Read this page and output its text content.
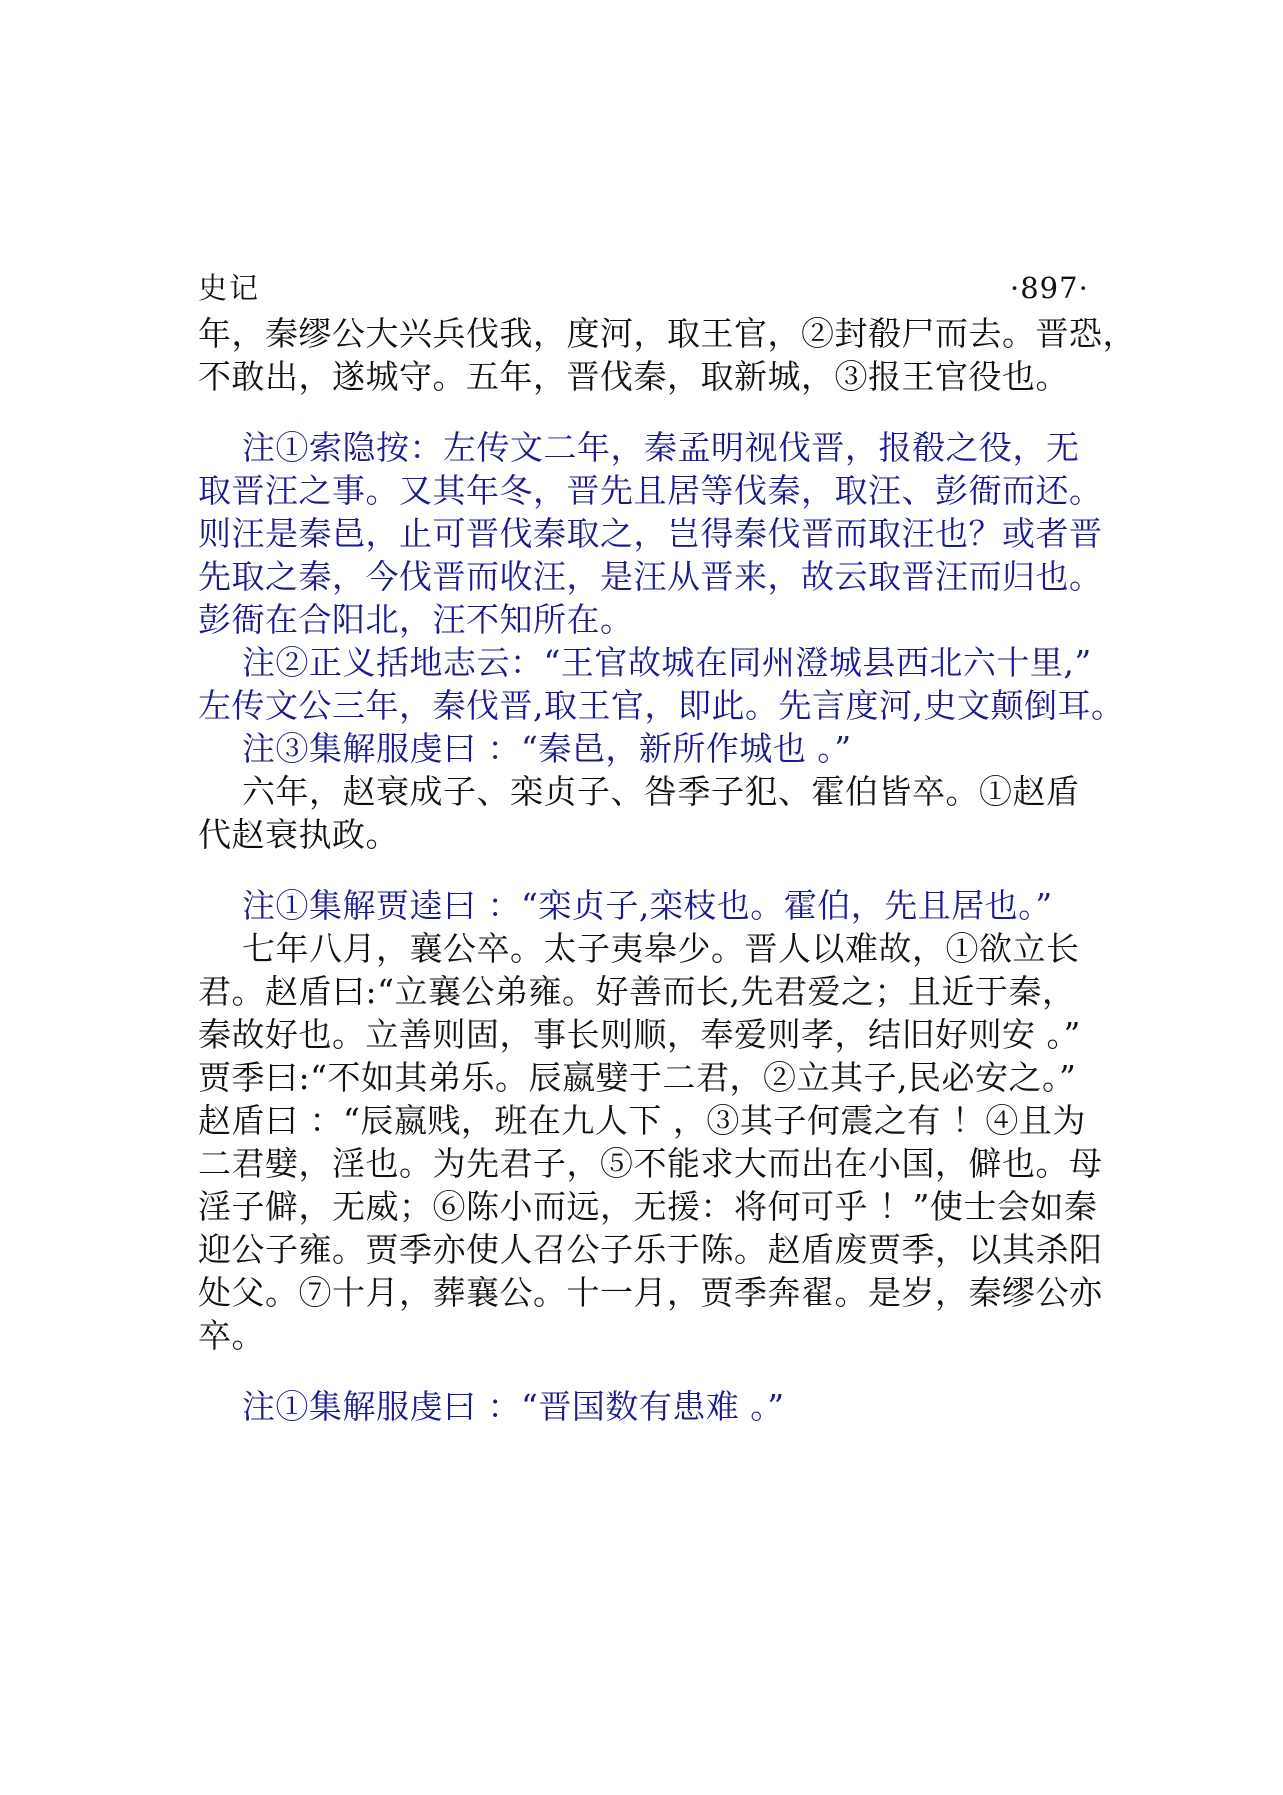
史记	·897·

年，秦缪公大兴兵伐我，度河，取王官，②封殽尸而去。晋恐，
不敢出，遂城守。五年，晋伐秦，取新城，③报王官役也。

注①索隐按：左传文二年，秦孟明视伐晋，报殽之役，无
取晋汪之事。又其年冬，晋先且居等伐秦，取汪、彭衙而还。
则汪是秦邑，止可晋伐秦取之，岂得秦伐晋而取汪也？或者晋
先取之秦，今伐晋而收汪，是汪从晋来，故云取晋汪而归也。
彭衙在合阳北，汪不知所在。

注②正义括地志云：“王官故城在同州澄城县西北六十里,”
左传文公三年，秦伐晋,取王官，即此。先言度河,史文颠倒耳。

注③集解服虔曰 ：“秦邑，新所作城也 。”

六年，赵衰成子、栾贞子、咎季子犯、霍伯皆卒。①赵盾
代赵衰执政。

注①集解贾逵曰 ：“栾贞子,栾枝也。霍伯，先且居也。”

七年八月，襄公卒。太子夷皋少。晋人以难故，①欲立长
君。赵盾曰:“立襄公弟雍。好善而长,先君爱之；且近于秦，
秦故好也。立善则固，事长则顺，奉爱则孝，结旧好则安 。”
贾季曰:“不如其弟乐。辰嬴嬖于二君，②立其子,民必安之。”
赵盾曰 ：“辰嬴贱，班在九人下 ，③其子何震之有 ！④且为
二君嬖，淫也。为先君子，⑤不能求大而出在小国，僻也。母
淫子僻，无威；⑥陈小而远，无援：将何可乎 ！”使士会如秦
迎公子雍。贾季亦使人召公子乐于陈。赵盾废贾季，以其杀阳
处父。⑦十月，葬襄公。十一月，贾季奔翟。是岁，秦缪公亦
卒。

注①集解服虔曰 ：“晋国数有患难 。”
